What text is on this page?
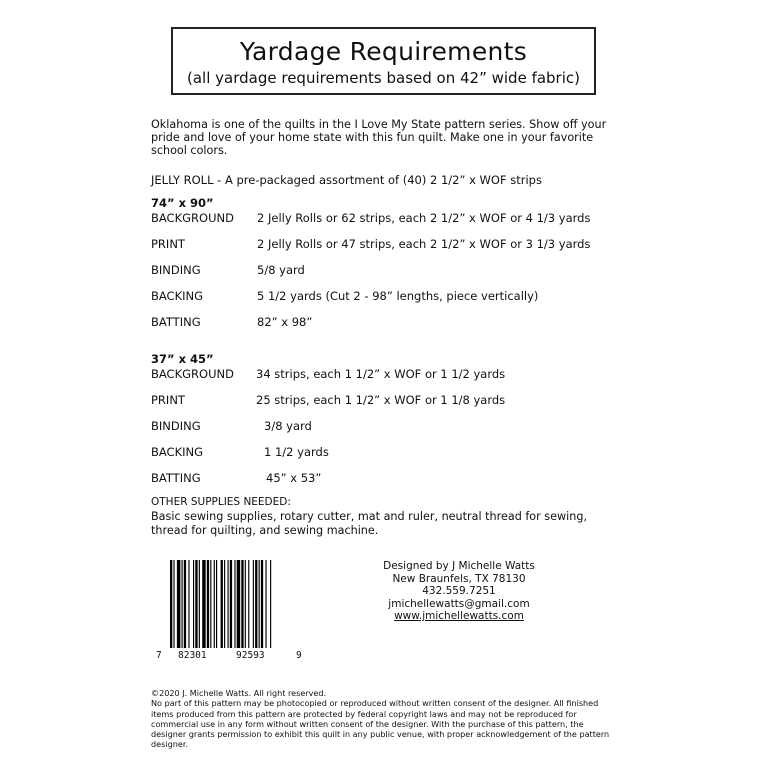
Yardage Requirements
(all yardage requirements based on 42” wide fabric)
Oklahoma is one of the quilts in the I Love My State pattern series. Show off your pride and love of your home state with this fun quilt. Make one in your favorite school colors.
JELLY ROLL - A pre-packaged assortment of (40) 2 1/2” x WOF strips
74” x 90”
BACKGROUND 2 Jelly Rolls or 62 strips, each 2 1/2” x WOF or 4 1/3 yards
PRINT	2 Jelly Rolls or 47 strips, each 2 1/2” x WOF or 3 1/3 yards
BINDING	5/8 yard
BACKING	5 1/2 yards (Cut 2 - 98” lengths, piece vertically)
BATTING	82” x 98”
37” x 45”
BACKGROUND 34 strips, each 1 1/2” x WOF or 1 1/2 yards
PRINT	25 strips, each 1 1/2” x WOF or 1 1/8 yards
BINDING	3/8 yard
BACKING	1 1/2 yards
BATTING	45” x 53”
OTHER SUPPLIES NEEDED:
Basic sewing supplies, rotary cutter, mat and ruler, neutral thread for sewing, thread for quilting, and sewing machine.
7 82301	92593	9
Designed by J Michelle Watts
New Braunfels, TX 78130
432.559.7251
jmichellewatts@gmail.com
www.jmichellewatts.com
©2020 J. Michelle Watts. All right reserved.
No part of this pattern may be photocopied or reproduced without written consent of the designer. All finished items produced from this pattern are protected by federal copyright laws and may not be reproduced for commercial use in any form without written consent of the designer. With the purchase of this pattern, the designer grants permission to exhibit this quilt in any public venue, with proper acknowledgement of the pattern designer.
